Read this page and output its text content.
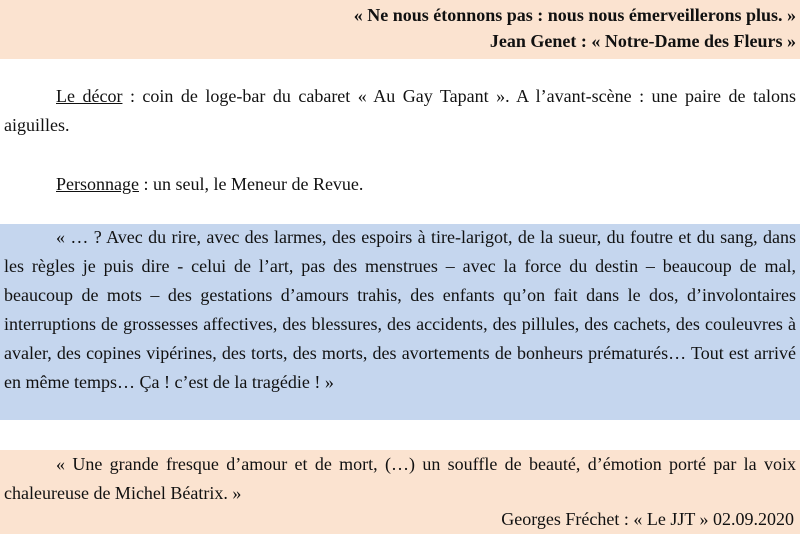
« Ne nous étonnons pas : nous nous émerveillerons plus. »
Jean Genet : « Notre-Dame des Fleurs »
Le décor : coin de loge-bar du cabaret « Au Gay Tapant ». A l’avant-scène : une paire de talons aiguilles.
Personnage : un seul, le Meneur de Revue.
« … ? Avec du rire, avec des larmes, des espoirs à tire-larigot, de la sueur, du foutre et du sang, dans les règles je puis dire - celui de l’art, pas des menstrues – avec la force du destin – beaucoup de mal, beaucoup de mots – des gestations d’amours trahis, des enfants qu’on fait dans le dos, d’involontaires interruptions de grossesses affectives, des blessures, des accidents, des pillules, des cachets, des couleuvres à avaler, des copines vipérines, des torts, des morts, des avortements de bonheurs prématurés… Tout est arrivé en même temps… Ça ! c’est de la tragédie ! »
« Une grande fresque d’amour et de mort, (…) un souffle de beauté, d’émotion porté par la voix chaleureuse de Michel Béatrix. »
Georges Fréchet : « Le JJT » 02.09.2020
